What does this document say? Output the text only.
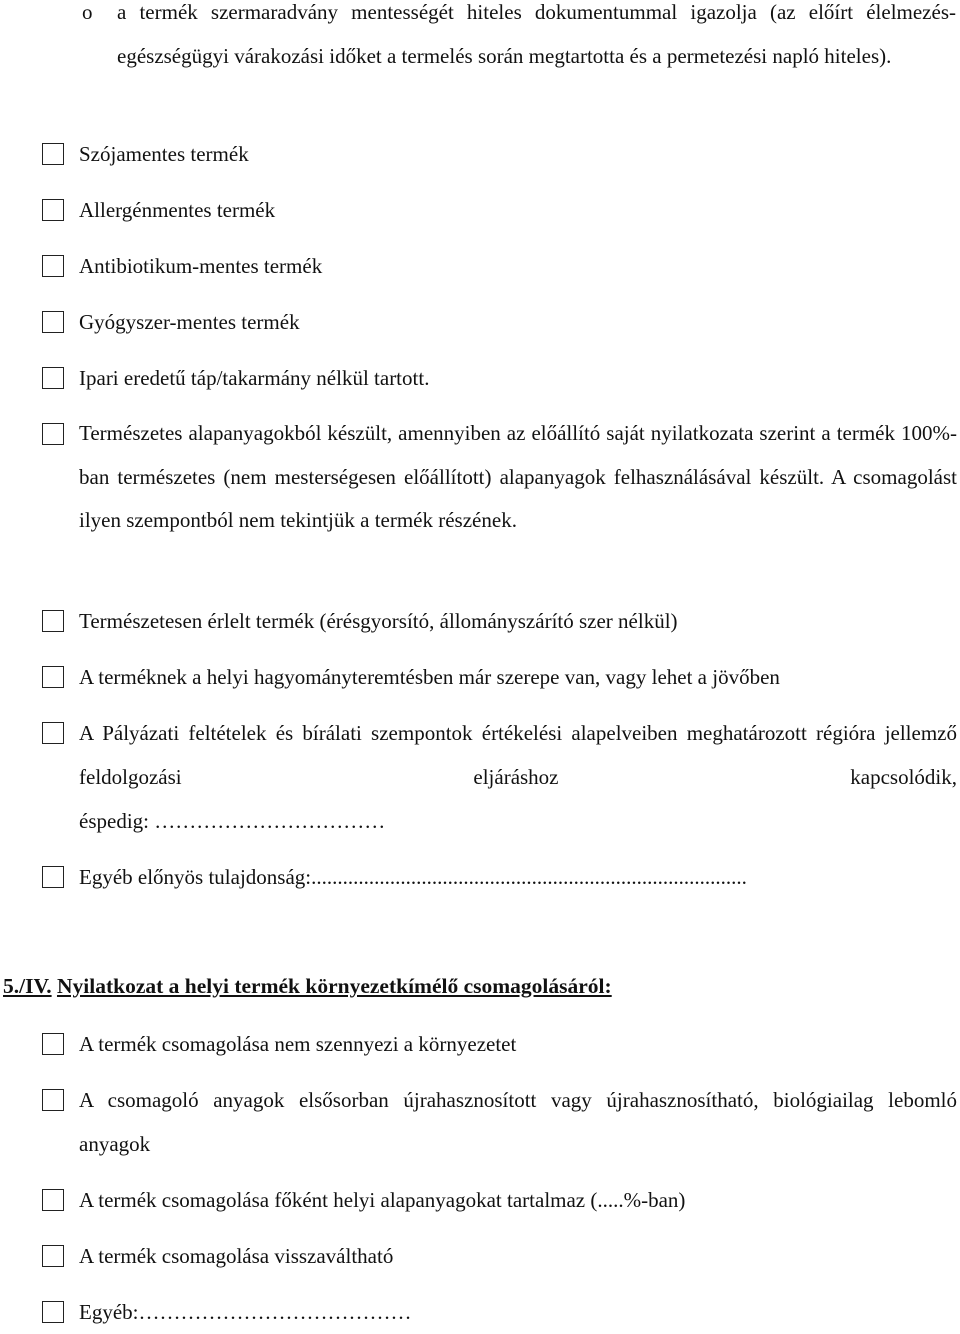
o a termék szermaradvány mentességét hiteles dokumentummal igazolja (az előírt élelmezés-egészségügyi várakozási időket a termelés során megtartotta és a permetezési napló hiteles).

Szójamentes termék

Allergénmentes termék

Antibiotikum-mentes termék

Gyógyszer-mentes termék

Ipari eredetű táp/takarmány nélkül tartott.

Természetes alapanyagokból készült, amennyiben az előállító saját nyilatkozata szerint a termék 100%-ban természetes (nem mesterségesen előállított) alapanyagok felhasználásával készült. A csomagolást ilyen szempontból nem tekintjük a termék részének.

Természetesen érlelt termék (érésgyorsító, állományszárító szer nélkül)

A terméknek a helyi hagyományteremtésben már szerepe van, vagy lehet a jövőben

A Pályázati feltételek és bírálati szempontok értékelési alapelveiben meghatározott régióra jellemző feldolgozási eljáráshoz kapcsolódik,

éspedig: ……………………………

Egyéb előnyös tulajdonság:...................................................................................

5./IV. Nyilatkozat a helyi termék környezetkímélő csomagolásáról:

A termék csomagolása nem szennyezi a környezetet

A csomagoló anyagok elsősorban újrahasznosított vagy újrahasznosítható, biológiailag lebomló anyagok

A termék csomagolása főként helyi alapanyagokat tartalmaz (.....%-ban)

A termék csomagolása visszaváltható

Egyéb:…………………………………
